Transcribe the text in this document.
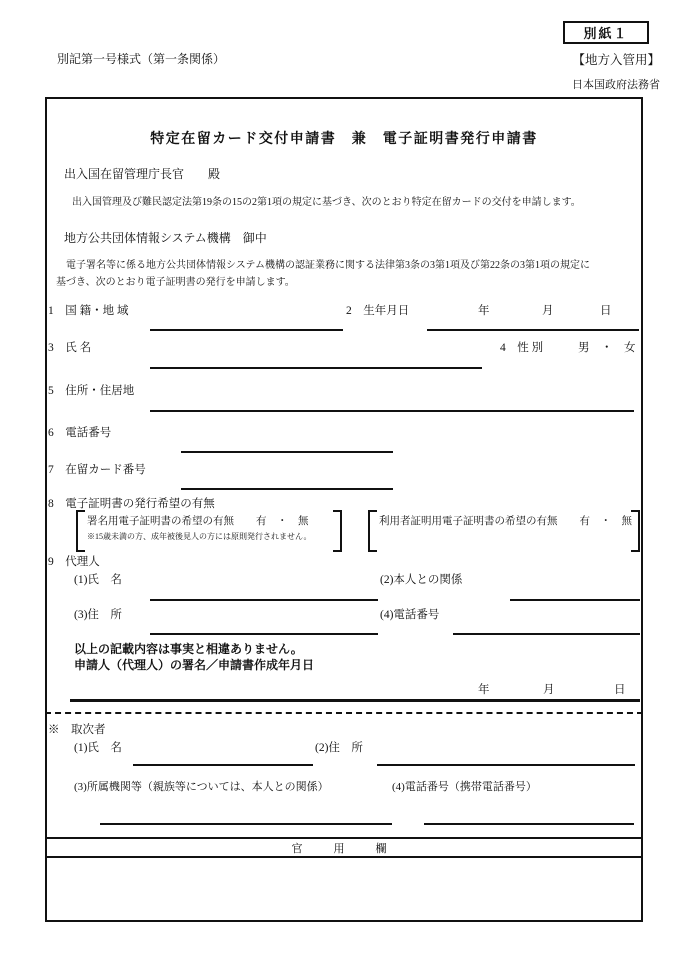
別紙１
別記第一号様式（第一条関係）	【地方入管用】
日本国政府法務省
特定在留カード交付申請書　兼　電子証明書発行申請書
出入国在留管理庁長官　　殿
　出入国管理及び難民認定法第19条の15の2第1項の規定に基づき、次のとおり特定在留カードの交付を申請します。
地方公共団体情報システム機構　御中
　電子署名等に係る地方公共団体情報システム機構の認証業務に関する法律第3条の3第1項及び第22条の3第1項の規定に
基づき、次のとおり電子証明書の発行を申請します。
1　国 籍・地 域	2　生年月日	年	月	日
3　氏 名	4　性 別	男　・　女
5　住所・住居地
6　電話番号
7　在留カード番号
8　電子証明書の発行希望の有無
署名用電子証明書の希望の有無 有　・　無
※15歳未満の方、成年被後見人の方には原則発行されません。
利用者証明用電子証明書の希望の有無 有　・　無
9　代理人
(1)氏　名	(2)本人との関係
(3)住　所	(4)電話番号
以上の記載内容は事実と相違ありません。
申請人（代理人）の署名／申請書作成年月日
年	月	日
※　取次者
(1)氏　名	(2)住　所
(3)所属機関等（親族等については、本人との関係）	(4)電話番号（携帯電話番号）
官　用　欄
